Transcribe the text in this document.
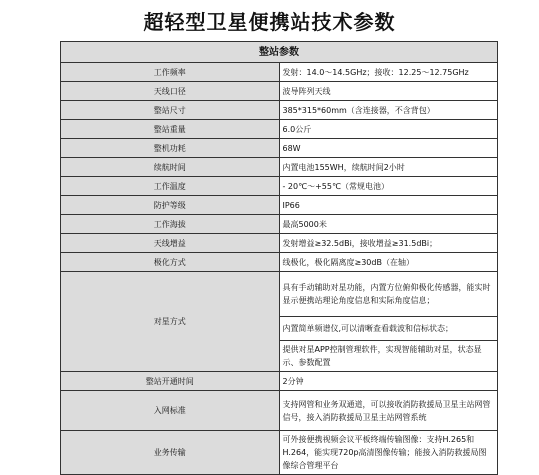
超轻型卫星便携站技术参数
整站参数	
工作频率	发射：14.0～14.5GHz；接收：12.25～12.75GHz
天线口径	波导阵列天线
整站尺寸	385*315*60mm（含连接器，不含背包）
整站重量	6.0公斤
整机功耗	68W
续航时间	内置电池155WH，续航时间2小时
工作温度	- 20℃～+55℃（常规电池）
防护等级	IP66
工作海拔	最高5000米
天线增益	发射增益≥32.5dBi，接收增益≥31.5dBi；
极化方式	线极化，极化隔离度≥30dB（在轴）
对星方式	具有手动辅助对星功能，内置方位俯仰极化传感器，能实时显示便携站理论角度信息和实际角度信息；
	内置简单频谱仪,可以清晰查看载波和信标状态；
	提供对星APP控制管理软件，实现智能辅助对星，状态显示、参数配置
整站开通时间	2分钟
入网标准	支持网管和业务双通道，可以接收消防救援局卫星主站网管信号，接入消防救援局卫星主站网管系统
业务传输	可外接便携视频会议平板终端传输图像：支持H.265和H.264，能实现720p高清图像传输；能接入消防救援局图像综合管理平台
